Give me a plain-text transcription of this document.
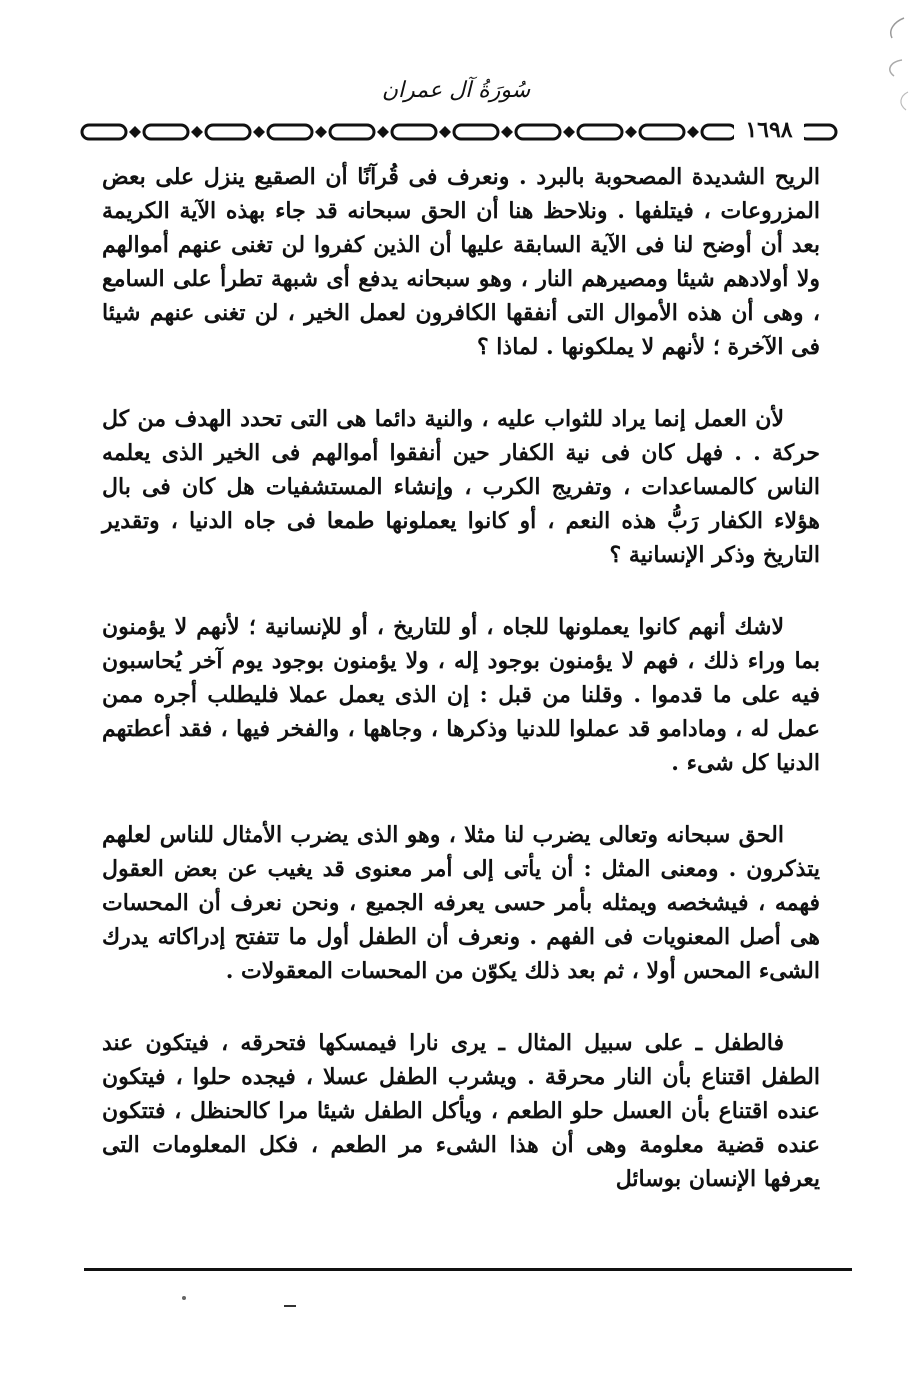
سُورَةُ آل عمران
١٦٩٨

الريح الشديدة المصحوبة بالبرد . ونعرف فى قُرآنًا أن الصقيع ينزل على بعض المزروعات ، فيتلفها . ونلاحظ هنا أن الحق سبحانه قد جاء بهذه الآية الكريمة بعد أن أوضح لنا فى الآية السابقة عليها أن الذين كفروا لن تغنى عنهم أموالهم ولا أولادهم شيئا ومصيرهم النار ، وهو سبحانه يدفع أى شبهة تطرأ على السامع ، وهى أن هذه الأموال التى أنفقها الكافرون لعمل الخير ، لن تغنى عنهم شيئا فى الآخرة ؛ لأنهم لا يملكونها . لماذا ؟

لأن العمل إنما يراد للثواب عليه ، والنية دائما هى التى تحدد الهدف من كل حركة . . فهل كان فى نية الكفار حين أنفقوا أموالهم فى الخير الذى يعلمه الناس كالمساعدات ، وتفريج الكرب ، وإنشاء المستشفيات هل كان فى بال هؤلاء الكفار رَبُّ هذه النعم ، أو كانوا يعملونها طمعا فى جاه الدنيا ، وتقدير التاريخ وذكر الإنسانية ؟

لاشك أنهم كانوا يعملونها للجاه ، أو للتاريخ ، أو للإنسانية ؛ لأنهم لا يؤمنون بما وراء ذلك ، فهم لا يؤمنون بوجود إله ، ولا يؤمنون بوجود يوم آخر يُحاسبون فيه على ما قدموا . وقلنا من قبل : إن الذى يعمل عملا فليطلب أجره ممن عمل له ، ومادامو قد عملوا للدنيا وذكرها ، وجاهها ، والفخر فيها ، فقد أعطتهم الدنيا كل شىء .

الحق سبحانه وتعالى يضرب لنا مثلا ، وهو الذى يضرب الأمثال للناس لعلهم يتذكرون . ومعنى المثل : أن يأتى إلى أمر معنوى قد يغيب عن بعض العقول فهمه ، فيشخصه ويمثله بأمر حسى يعرفه الجميع ، ونحن نعرف أن المحسات هى أصل المعنويات فى الفهم . ونعرف أن الطفل أول ما تتفتح إدراكاته يدرك الشىء المحس أولا ، ثم بعد ذلك يكوّن من المحسات المعقولات .

فالطفل ـ على سبيل المثال ـ يرى نارا فيمسكها فتحرقه ، فيتكون عند الطفل اقتناع بأن النار محرقة . ويشرب الطفل عسلا ، فيجده حلوا ، فيتكون عنده اقتناع بأن العسل حلو الطعم ، ويأكل الطفل شيئا مرا كالحنظل ، فتتكون عنده قضية معلومة وهى أن هذا الشىء مر الطعم ، فكل المعلومات التى يعرفها الإنسان بوسائل
